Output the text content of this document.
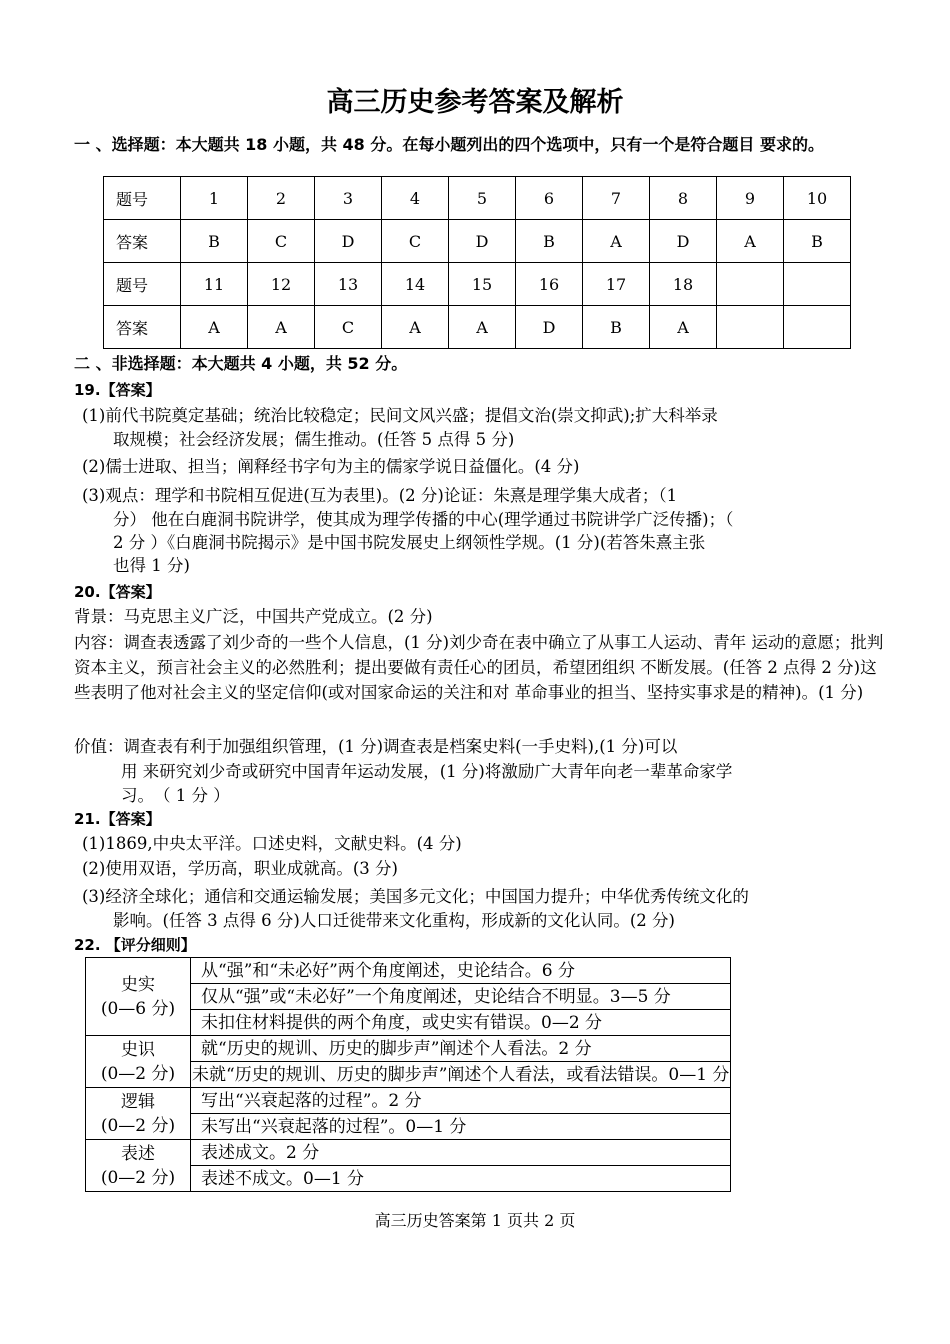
高三历史参考答案及解析
一 、选择题：本大题共 18 小题，共 48 分。在每小题列出的四个选项中，只有一个是符合题目 要求的。
题号	1	2	3	4	5	6	7	8	9	10
答案	B	C	D	C	D	B	A	D	A	B
题号	11	12	13	14	15	16	17	18		
答案	A	A	C	A	A	D	B	A		
二 、非选择题：本大题共 4 小题，共 52 分。
19.【答案】
(1)前代书院奠定基础；统治比较稳定；民间文风兴盛；提倡文治(崇文抑武);扩大科举录
取规模；社会经济发展；儒生推动。(任答 5 点得 5 分)
(2)儒士进取、担当；阐释经书字句为主的儒家学说日益僵化。(4 分)
(3)观点：理学和书院相互促进(互为表里)。(2 分)论证：朱熹是理学集大成者；（1
分） 他在白鹿洞书院讲学，使其成为理学传播的中心(理学通过书院讲学广泛传播)；（
2 分 ）《白鹿洞书院揭示》是中国书院发展史上纲领性学规。(1 分)(若答朱熹主张
也得 1 分)
20.【答案】
背景：马克思主义广泛，中国共产党成立。(2 分)
内容：调查表透露了刘少奇的一些个人信息，(1 分)刘少奇在表中确立了从事工人运动、青年 运动的意愿；批判资本主义，预言社会主义的必然胜利；提出要做有责任心的团员，希望团组织 不断发展。(任答 2 点得 2 分)这些表明了他对社会主义的坚定信仰(或对国家命运的关注和对 革命事业的担当、坚持实事求是的精神)。(1 分)
价值：调查表有利于加强组织管理，(1 分)调查表是档案史料(一手史料),(1 分)可以
用 来研究刘少奇或研究中国青年运动发展，(1 分)将激励广大青年向老一辈革命家学
习。　（ 1 分 ）
21.【答案】
(1)1869,中央太平洋。口述史料，文献史料。(4 分)
(2)使用双语，学历高，职业成就高。(3 分)
(3)经济全球化；通信和交通运输发展；美国多元文化；中国国力提升；中华优秀传统文化的
影响。(任答 3 点得 6 分)人口迁徙带来文化重构，形成新的文化认同。(2 分)
22. 【评分细则】
史实
(0—6 分)	从“强”和“未必好”两个角度阐述，史论结合。6 分
	仅从“强”或“未必好”一个角度阐述，史论结合不明显。3—5 分
	未扣住材料提供的两个角度，或史实有错误。0—2 分

史识
(0—2 分)	就“历史的规训、历史的脚步声”阐述个人看法。2 分
	未就“历史的规训、历史的脚步声”阐述个人看法，或看法错误。0—1 分

逻辑
(0—2 分)	写出“兴衰起落的过程”。2 分
	未写出“兴衰起落的过程”。0—1 分

表述
(0—2 分)	表述成文。2 分
	表述不成文。0—1 分
高三历史答案第 1 页共 2 页
